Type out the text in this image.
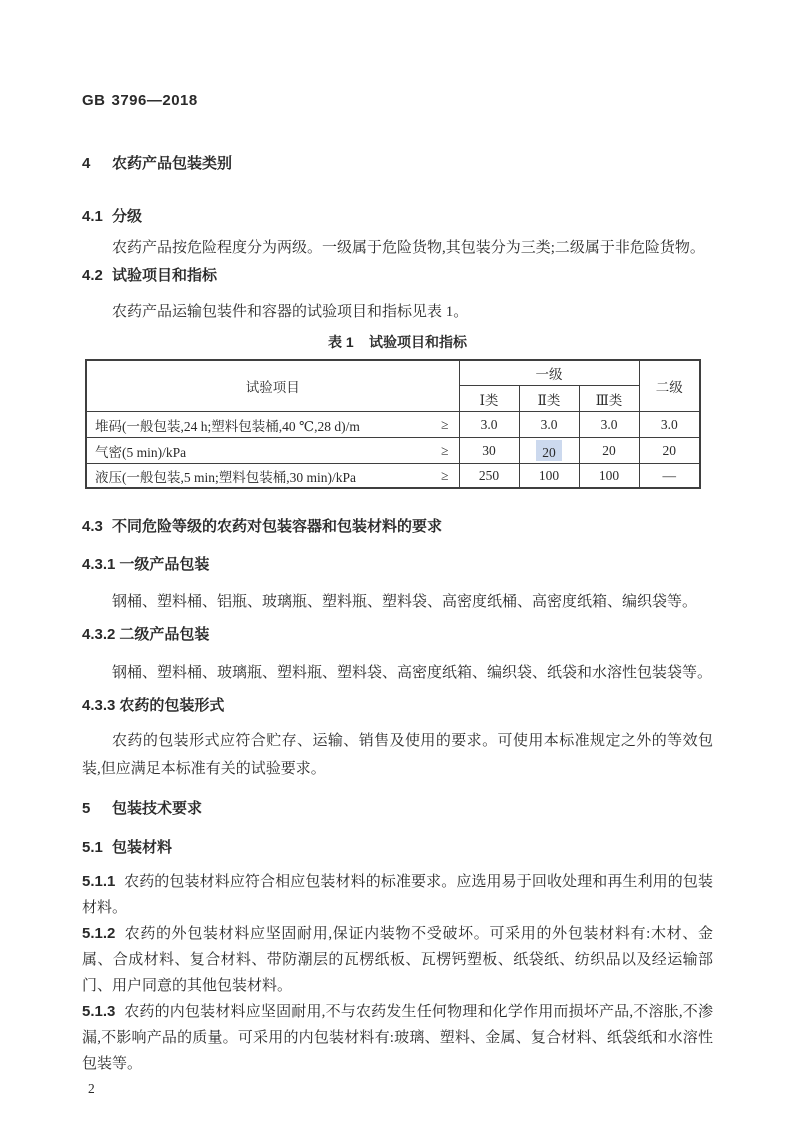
GB 3796—2018

4 农药产品包装类别

4.1 分级

农药产品按危险程度分为两级。一级属于危险货物,其包装分为三类;二级属于非危险货物。

4.2 试验项目和指标

农药产品运输包装件和容器的试验项目和指标见表 1。

表 1 试验项目和指标
试验项目	一级			二级
	Ⅰ类	Ⅱ类	Ⅲ类	

堆码(一般包装,24 h;塑料包装桶,40 ℃,28 d)/m ≥	3.0	3.0	3.0	3.0

气密(5 min)/kPa ≥	30	20	20	20

液压(一般包装,5 min;塑料包装桶,30 min)/kPa ≥	250	100	100	—

4.3 不同危险等级的农药对包装容器和包装材料的要求

4.3.1 一级产品包装

钢桶、塑料桶、铝瓶、玻璃瓶、塑料瓶、塑料袋、高密度纸桶、高密度纸箱、编织袋等。

4.3.2 二级产品包装

钢桶、塑料桶、玻璃瓶、塑料瓶、塑料袋、高密度纸箱、编织袋、纸袋和水溶性包装袋等。

4.3.3 农药的包装形式

农药的包装形式应符合贮存、运输、销售及使用的要求。可使用本标准规定之外的等效包装,但应满足本标准有关的试验要求。

5 包装技术要求

5.1 包装材料

5.1.1 农药的包装材料应符合相应包装材料的标准要求。应选用易于回收处理和再生利用的包装材料。

5.1.2 农药的外包装材料应坚固耐用,保证内装物不受破坏。可采用的外包装材料有:木材、金属、合成材料、复合材料、带防潮层的瓦楞纸板、瓦楞钙塑板、纸袋纸、纺织品以及经运输部门、用户同意的其他包装材料。

5.1.3 农药的内包装材料应坚固耐用,不与农药发生任何物理和化学作用而损坏产品,不溶胀,不渗漏,不影响产品的质量。可采用的内包装材料有:玻璃、塑料、金属、复合材料、纸袋纸和水溶性包装等。

2
